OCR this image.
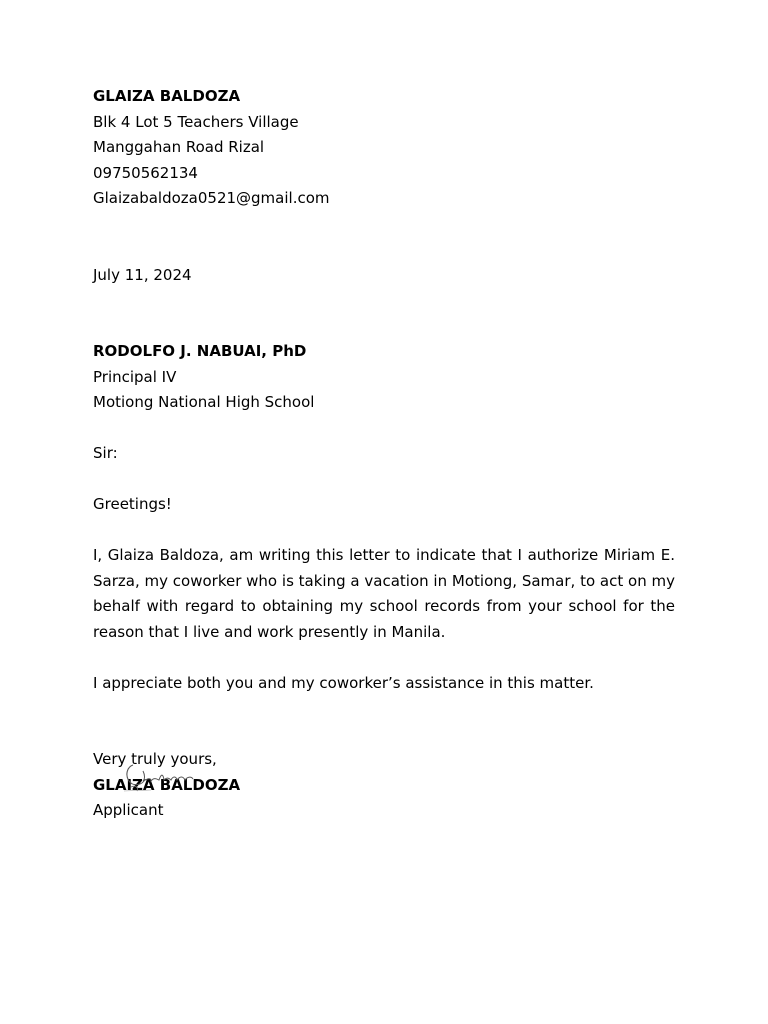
GLAIZA BALDOZA
Blk 4 Lot 5 Teachers Village
Manggahan Road Rizal
09750562134
Glaizabaldoza0521@gmail.com
July 11, 2024
RODOLFO J. NABUAI, PhD
Principal IV
Motiong National High School
Sir:
Greetings!

I, Glaiza Baldoza, am writing this letter to indicate that I authorize Miriam E. Sarza, my coworker who is taking a vacation in Motiong, Samar, to act on my behalf with regard to obtaining my school records from your school for the reason that I live and work presently in Manila.

I appreciate both you and my coworker’s assistance in this matter.

Very truly yours,
GLAIZA BALDOZA
Applicant
